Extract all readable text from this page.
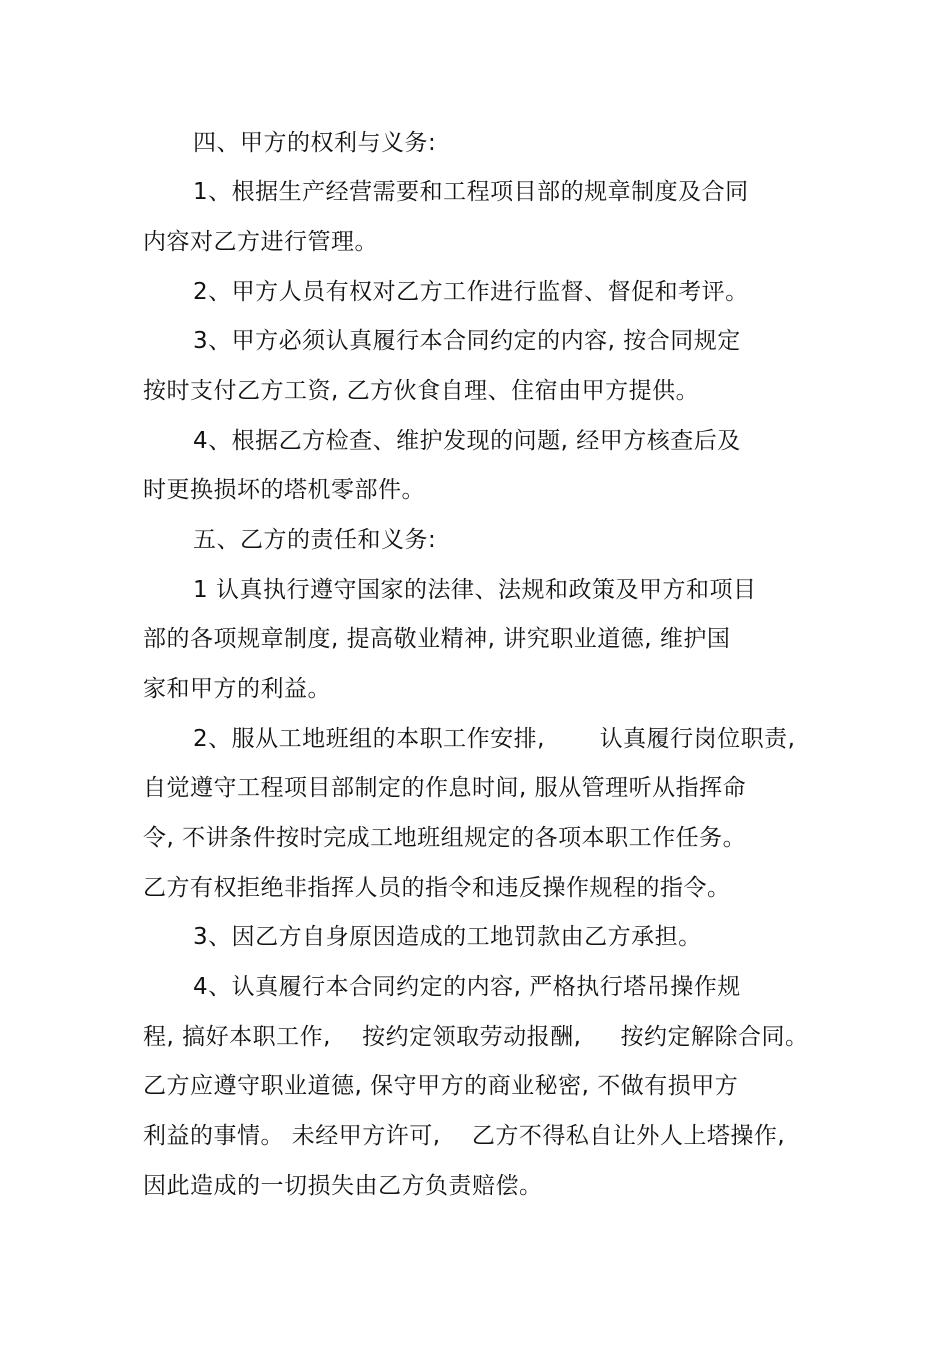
四、甲方的权利与义务:

1、根据生产经营需要和工程项目部的规章制度及合同

内容对乙方进行管理。

2、甲方人员有权对乙方工作进行监督、督促和考评。

3、甲方必须认真履行本合同约定的内容, 按合同规定

按时支付乙方工资, 乙方伙食自理、住宿由甲方提供。

4、根据乙方检查、维护发现的问题, 经甲方核查后及

时更换损坏的塔机零部件。

五、乙方的责任和义务:

1 认真执行遵守国家的法律、法规和政策及甲方和项目

部的各项规章制度, 提高敬业精神, 讲究职业道德, 维护国

家和甲方的利益。

2、服从工地班组的本职工作安排,       认真履行岗位职责,

自觉遵守工程项目部制定的作息时间, 服从管理听从指挥命

令, 不讲条件按时完成工地班组规定的各项本职工作任务。

乙方有权拒绝非指挥人员的指令和违反操作规程的指令。

3、因乙方自身原因造成的工地罚款由乙方承担。

4、认真履行本合同约定的内容, 严格执行塔吊操作规

程, 搞好本职工作,    按约定领取劳动报酬,     按约定解除合同。

乙方应遵守职业道德, 保守甲方的商业秘密, 不做有损甲方

利益的事情。 未经甲方许可,    乙方不得私自让外人上塔操作,

因此造成的一切损失由乙方负责赔偿。
